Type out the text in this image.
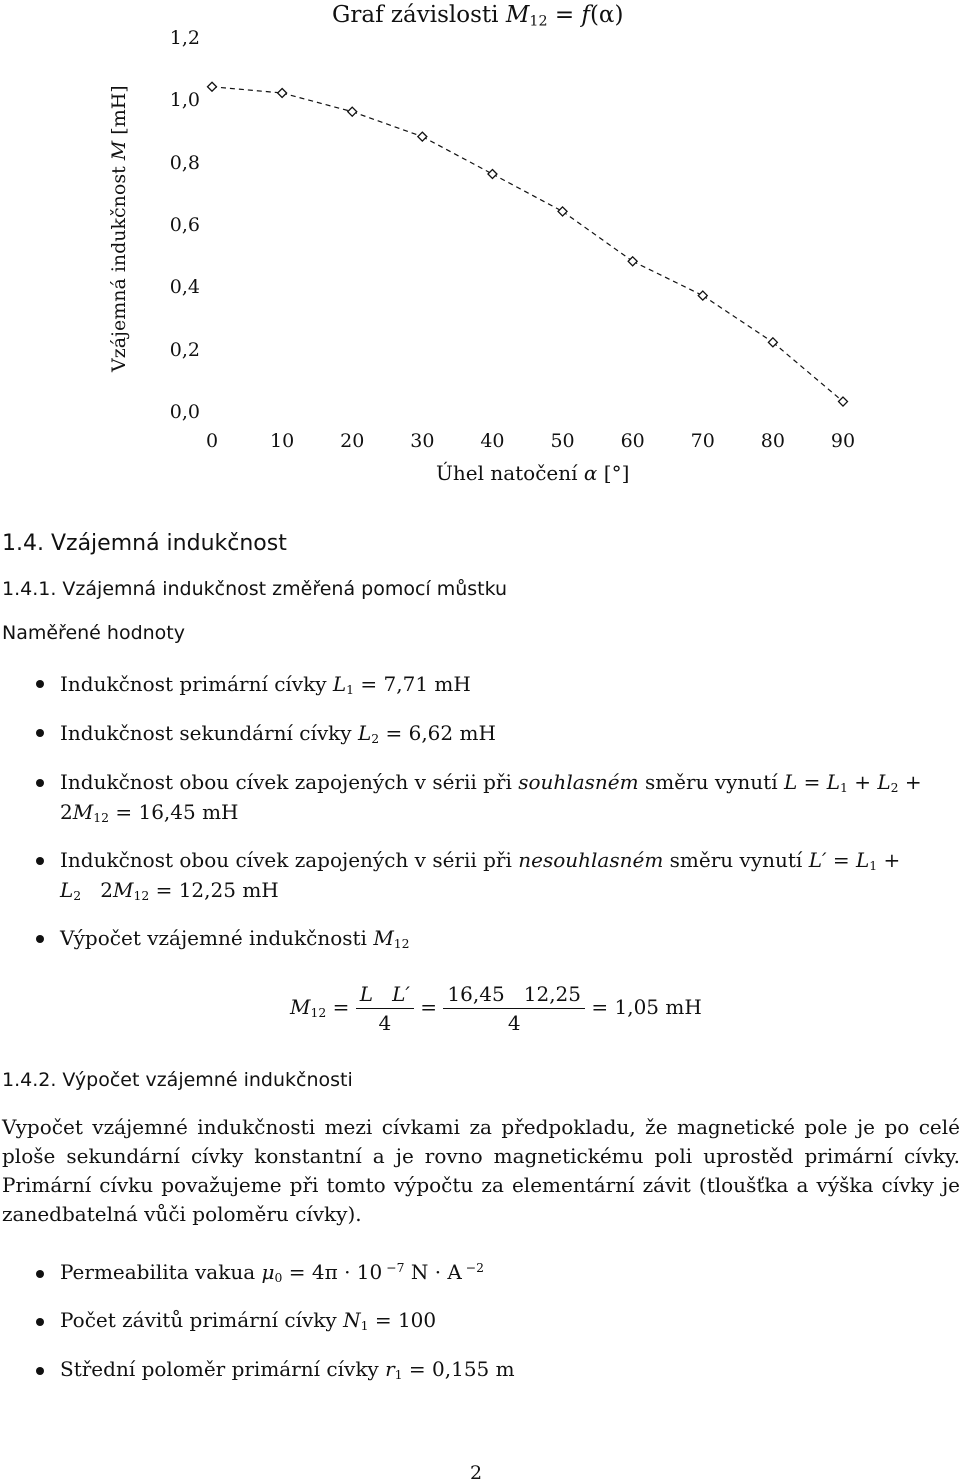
Graf závislosti $M_{12} = f(\alpha)$
Vzájemná indukčnost M [mH]
0,0
0,2
0,4
0,6
0,8
1,0
1,2
0	10	20	30	40	50	60	70	80	90
Úhel natočení α [°]
1.4. Vzájemná indukčnost
1.4.1. Vzájemná indukčnost změřená pomocí můstku
Naměřené hodnoty
Indukčnost primární cívky $L_1 = 7,71$ mH
Indukčnost sekundární cívky $L_2 = 6,62$ mH
Indukčnost obou cívek zapojených v sérii při souhlasném směru vynutí $L = L_1 + L_2$ +
$2M_{12} = 16,45$ mH
Indukčnost obou cívek zapojených v sérii při nesouhlasném směru vynutí $L' = L_1$ +
$L_2$   $2M_{12} = 12,25$ mH
Výpočet vzájemné indukčnosti $M_{12}$
$M_{12} = \frac{\text{L   L′}}{4} = \frac{16,45 12,25}{4} = 1,05$ mH
1.4.2. Výpočet vzájemné indukčnosti
Vypočet vzájemné indukčnosti mezi cívkami za předpokladu, že magnetické pole je po celé ploše sekundární cívky konstantní a je rovno magnetickému poli uprostěd primární cívky. Primární cívku považujeme při tomto výpočtu za elementární závit (tloušťka a výška cívky je zanedbatelná vůči poloměru cívky).
Permeabilita vakua $\mu_0 = 4\pi \cdot 10$ $^{-7}$ N · A $^{-2}$
Počet závitů primární cívky $N_1 = 100$
Střední poloměr primární cívky $r_1 = 0,155$ m
2
